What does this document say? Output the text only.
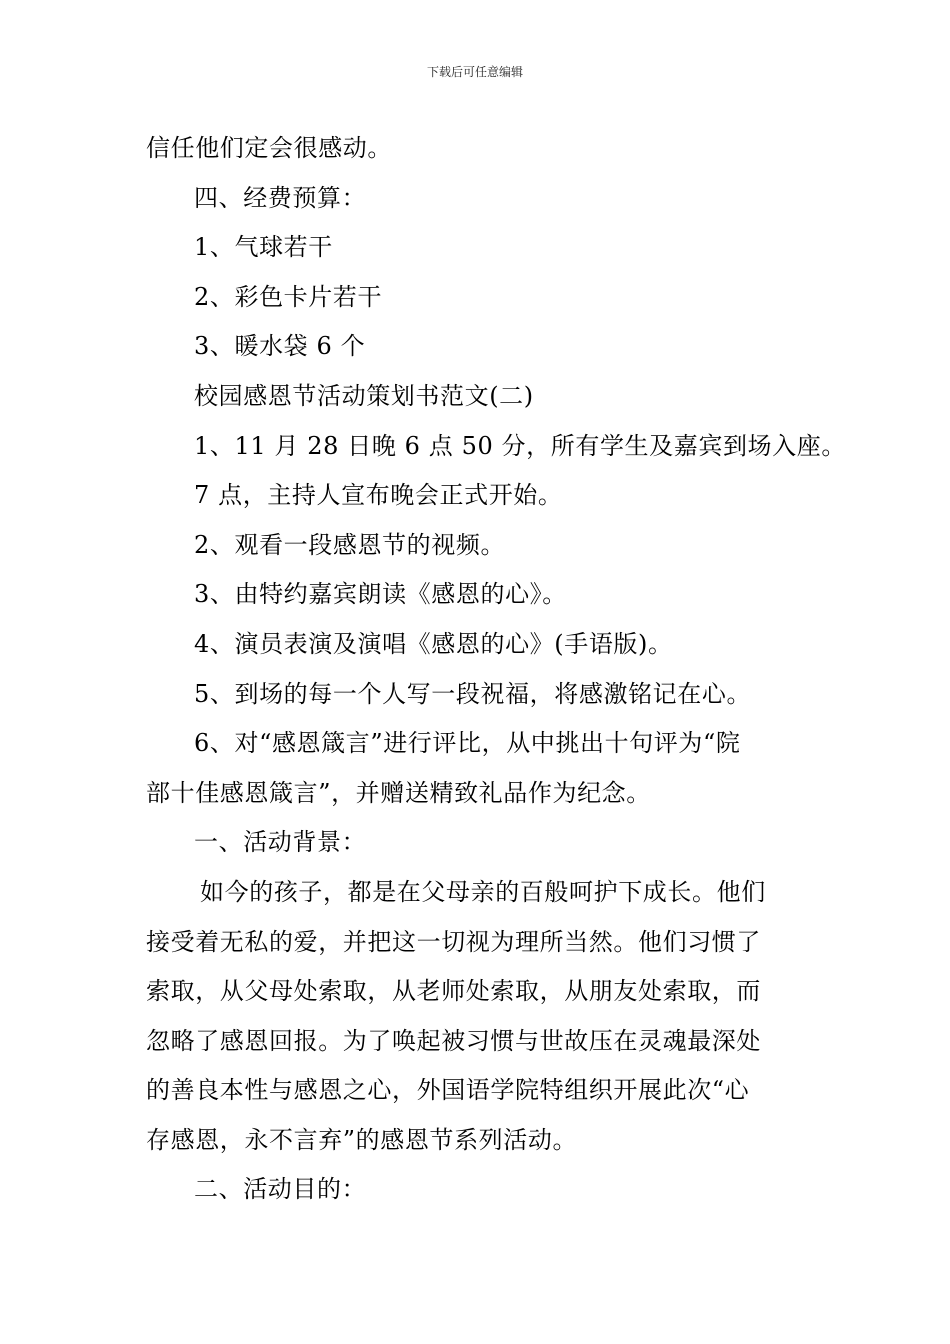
下载后可任意编辑
信任他们定会很感动。
四、经费预算：
1、气球若干
2、彩色卡片若干
3、暖水袋 6 个
校园感恩节活动策划书范文(二)
1、11 月 28 日晚 6 点 50 分，所有学生及嘉宾到场入座。
7 点，主持人宣布晚会正式开始。
2、观看一段感恩节的视频。
3、由特约嘉宾朗读《感恩的心》。
4、演员表演及演唱《感恩的心》(手语版)。
5、到场的每一个人写一段祝福，将感激铭记在心。
6、对“感恩箴言”进行评比，从中挑出十句评为“院
部十佳感恩箴言”，并赠送精致礼品作为纪念。
一、活动背景：
如今的孩子，都是在父母亲的百般呵护下成长。他们
接受着无私的爱，并把这一切视为理所当然。他们习惯了
索取，从父母处索取，从老师处索取，从朋友处索取，而
忽略了感恩回报。为了唤起被习惯与世故压在灵魂最深处
的善良本性与感恩之心，外国语学院特组织开展此次“心
存感恩，永不言弃”的感恩节系列活动。
二、活动目的：
